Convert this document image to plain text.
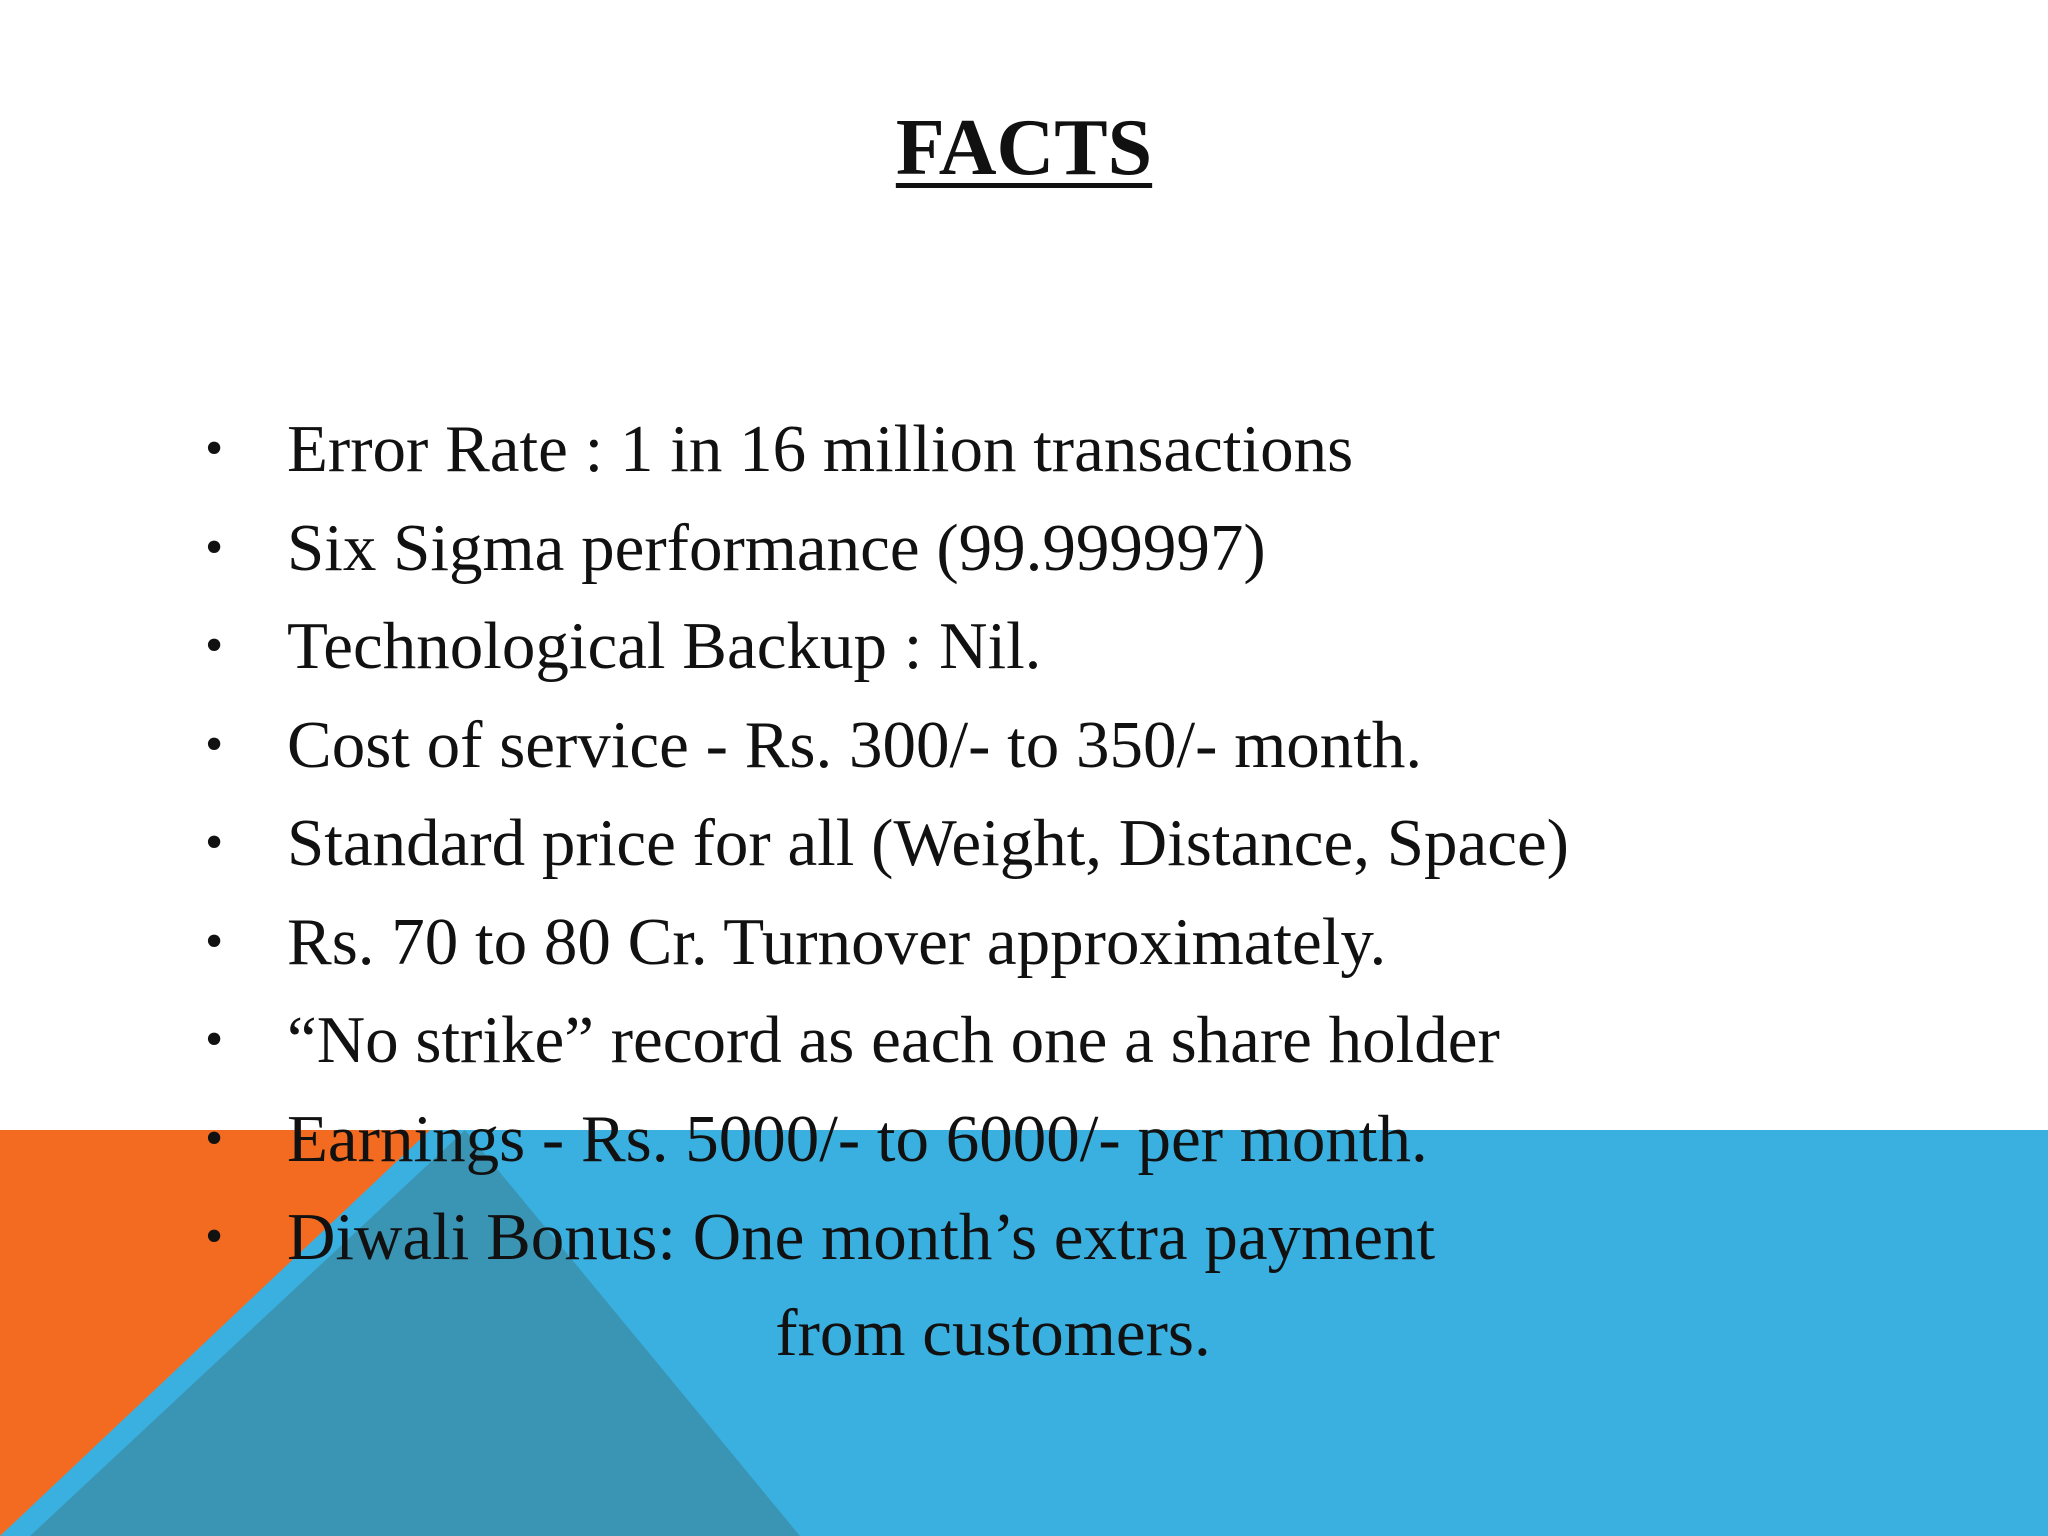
FACTS
• Error Rate : 1 in 16 million transactions
• Six Sigma performance (99.999997)
• Technological Backup : Nil.
• Cost of service - Rs. 300/- to 350/- month.
• Standard price for all (Weight, Distance, Space)
• Rs. 70 to 80 Cr. Turnover approximately.
• “No strike” record as each one a share holder
• Earnings - Rs. 5000/- to 6000/- per month.
• Diwali Bonus: One month’s extra payment
from customers.
